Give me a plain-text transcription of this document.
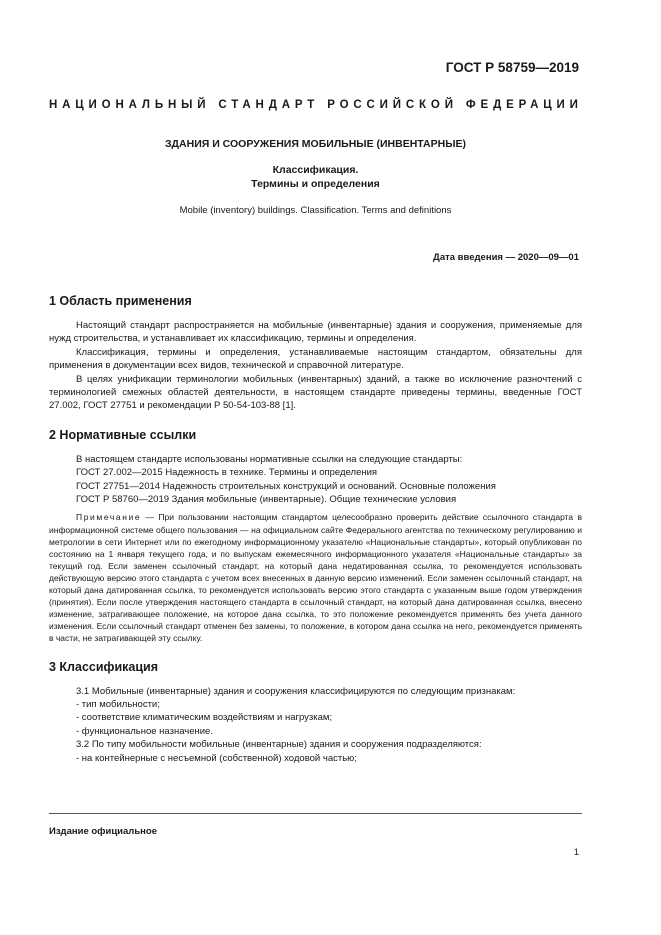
ГОСТ Р 58759—2019
НАЦИОНАЛЬНЫЙ СТАНДАРТ РОССИЙСКОЙ ФЕДЕРАЦИИ
ЗДАНИЯ И СООРУЖЕНИЯ МОБИЛЬНЫЕ (ИНВЕНТАРНЫЕ)
Классификация.
Термины и определения
Mobile (inventory) buildings. Classification. Terms and definitions
Дата введения — 2020—09—01
1 Область применения

Настоящий стандарт распространяется на мобильные (инвентарные) здания и сооружения, применяемые для нужд строительства, и устанавливает их классификацию, термины и определения.

Классификация, термины и определения, устанавливаемые настоящим стандартом, обязательны для применения в документации всех видов, технической и справочной литературе.

В целях унификации терминологии мобильных (инвентарных) зданий, а также во исключение разночтений с терминологией смежных областей деятельности, в настоящем стандарте приведены термины, введенные ГОСТ 27.002, ГОСТ 27751 и рекомендации Р 50-54-103-88 [1].

2 Нормативные ссылки

В настоящем стандарте использованы нормативные ссылки на следующие стандарты:

ГОСТ 27.002—2015 Надежность в технике. Термины и определения

ГОСТ 27751—2014 Надежность строительных конструкций и оснований. Основные положения

ГОСТ Р 58760—2019 Здания мобильные (инвентарные). Общие технические условия

Примечание — При пользовании настоящим стандартом целесообразно проверить действие ссылочного стандарта в информационной системе общего пользования — на официальном сайте Федерального агентства по техническому регулированию и метрологии в сети Интернет или по ежегодному информационному указателю «Национальные стандарты», который опубликован по состоянию на 1 января текущего года, и по выпускам ежемесячного информационного указателя «Национальные стандарты» за текущий год. Если заменен ссылочный стандарт, на который дана недатированная ссылка, то рекомендуется использовать действующую версию этого стандарта с учетом всех внесенных в данную версию изменений. Если заменен ссылочный стандарт, на который дана датированная ссылка, то рекомендуется использовать версию этого стандарта с указанным выше годом утверждения (принятия). Если после утверждения настоящего стандарта в ссылочный стандарт, на который дана датированная ссылка, внесено изменение, затрагивающее положение, на которое дана ссылка, то это положение рекомендуется применять без учета данного изменения. Если ссылочный стандарт отменен без замены, то положение, в котором дана ссылка на него, рекомендуется применять в части, не затрагивающей эту ссылку.

3 Классификация

3.1 Мобильные (инвентарные) здания и сооружения классифицируются по следующим признакам:

- тип мобильности;

- соответствие климатическим воздействиям и нагрузкам;

- функциональное назначение.

3.2 По типу мобильности мобильные (инвентарные) здания и сооружения подразделяются:

- на контейнерные с несъемной (собственной) ходовой частью;

Издание официальное
1
